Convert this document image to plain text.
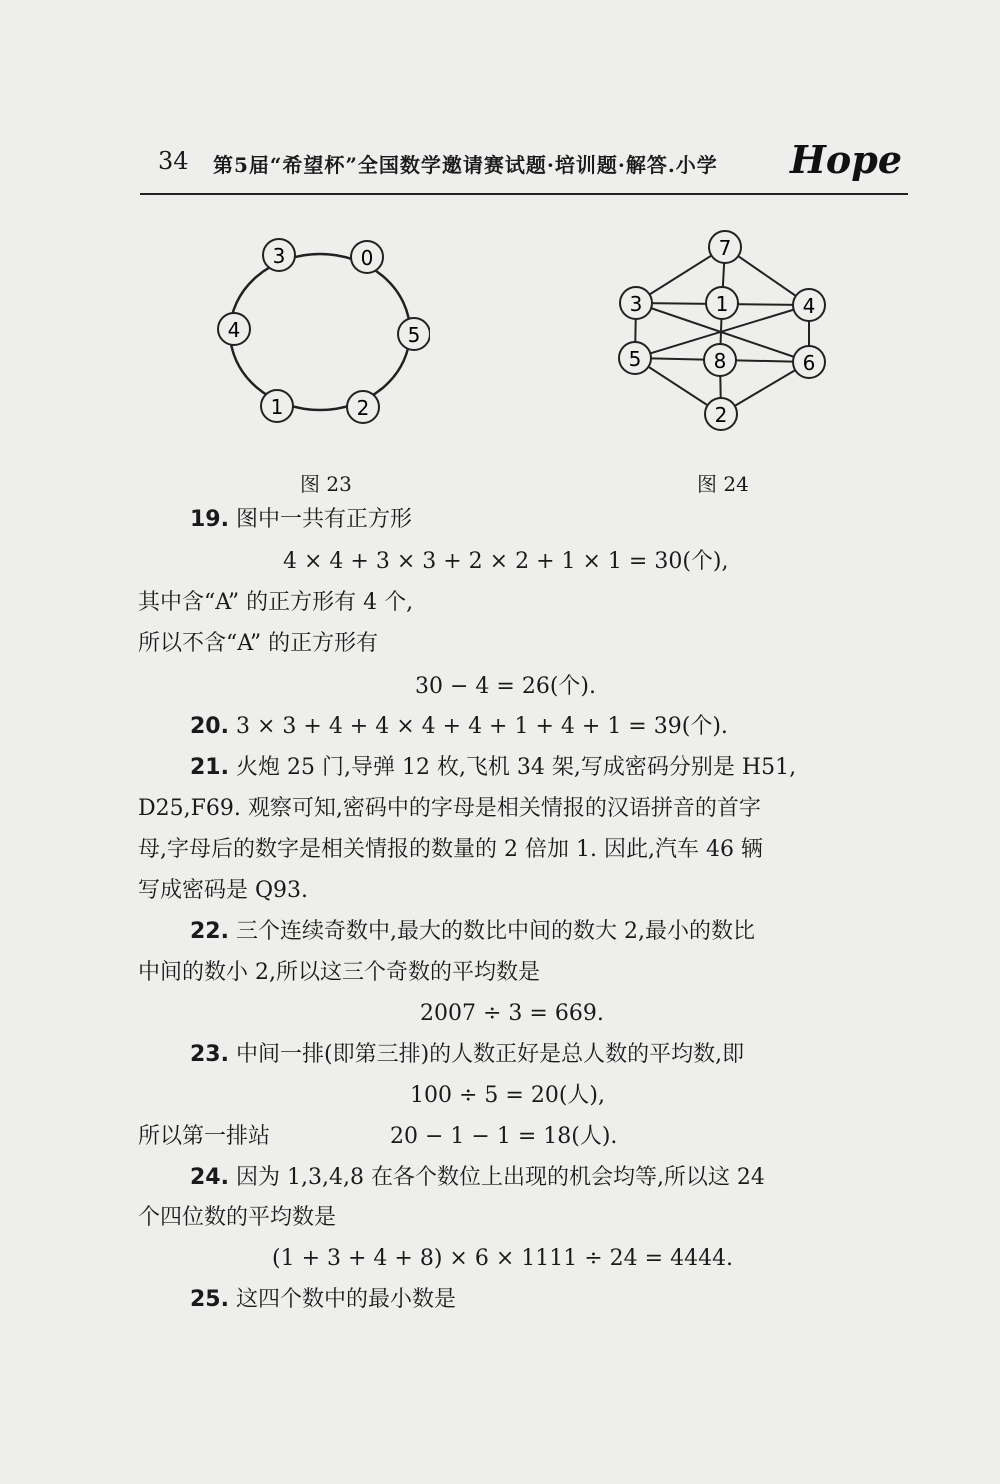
34 第5届“希望杯”全国数学邀请赛试题·培训题·解答.小学 Hope
3	0
4	5
1	2
图 23
7
3	1	4
5	8	6
2
图 24
19. 图中一共有正方形
4 × 4 + 3 × 3 + 2 × 2 + 1 × 1 = 30(个),
其中含“A” 的正方形有 4 个,
所以不含“A” 的正方形有
30 − 4 = 26(个).
20. 3 × 3 + 4 + 4 × 4 + 4 + 1 + 4 + 1 = 39(个).
21. 火炮 25 门,导弹 12 枚,飞机 34 架,写成密码分别是 H51,
D25,F69. 观察可知,密码中的字母是相关情报的汉语拼音的首字
母,字母后的数字是相关情报的数量的 2 倍加 1. 因此,汽车 46 辆
写成密码是 Q93.
22. 三个连续奇数中,最大的数比中间的数大 2,最小的数比
中间的数小 2,所以这三个奇数的平均数是
2007 ÷ 3 = 669.
23. 中间一排(即第三排)的人数正好是总人数的平均数,即
100 ÷ 5 = 20(人),
所以第一排站	20 − 1 − 1 = 18(人).
24. 因为 1,3,4,8 在各个数位上出现的机会均等,所以这 24
个四位数的平均数是
(1 + 3 + 4 + 8) × 6 × 1111 ÷ 24 = 4444.
25. 这四个数中的最小数是
